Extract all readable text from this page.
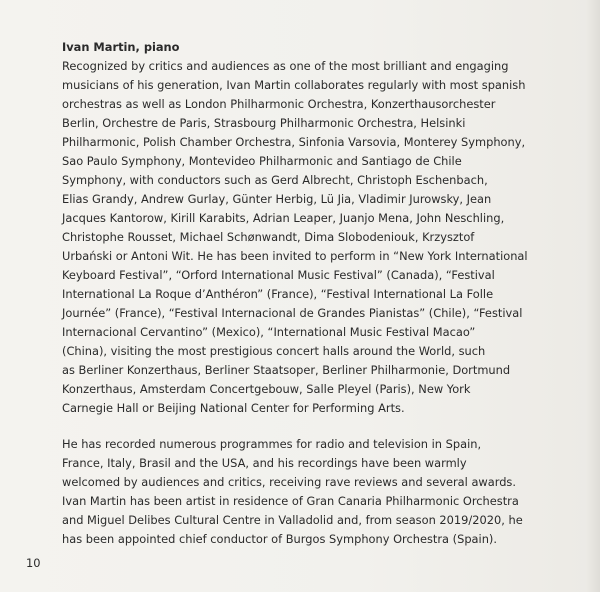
Ivan Martin, piano

Recognized by critics and audiences as one of the most brilliant and engaging
musicians of his generation, Ivan Martin collaborates regularly with most spanish
orchestras as well as London Philharmonic Orchestra, Konzerthausorchester
Berlin, Orchestre de Paris, Strasbourg Philharmonic Orchestra, Helsinki
Philharmonic, Polish Chamber Orchestra, Sinfonia Varsovia, Monterey Symphony,
Sao Paulo Symphony, Montevideo Philharmonic and Santiago de Chile
Symphony, with conductors such as Gerd Albrecht, Christoph Eschenbach,
Elias Grandy, Andrew Gurlay, Günter Herbig, Lü Jia, Vladimir Jurowsky, Jean
Jacques Kantorow, Kirill Karabits, Adrian Leaper, Juanjo Mena, John Neschling,
Christophe Rousset, Michael Schønwandt, Dima Slobodeniouk, Krzysztof
Urbański or Antoni Wit. He has been invited to perform in “New York International
Keyboard Festival”, “Orford International Music Festival” (Canada), “Festival
International La Roque d’Anthéron” (France), “Festival International La Folle
Journée” (France), “Festival Internacional de Grandes Pianistas” (Chile), “Festival
Internacional Cervantino” (Mexico), “International Music Festival Macao”
(China), visiting the most prestigious concert halls around the World, such
as Berliner Konzerthaus, Berliner Staatsoper, Berliner Philharmonie, Dortmund
Konzerthaus, Amsterdam Concertgebouw, Salle Pleyel (Paris), New York
Carnegie Hall or Beijing National Center for Performing Arts.

He has recorded numerous programmes for radio and television in Spain,
France, Italy, Brasil and the USA, and his recordings have been warmly
welcomed by audiences and critics, receiving rave reviews and several awards.
Ivan Martin has been artist in residence of Gran Canaria Philharmonic Orchestra
and Miguel Delibes Cultural Centre in Valladolid and, from season 2019/2020, he
has been appointed chief conductor of Burgos Symphony Orchestra (Spain).

10
